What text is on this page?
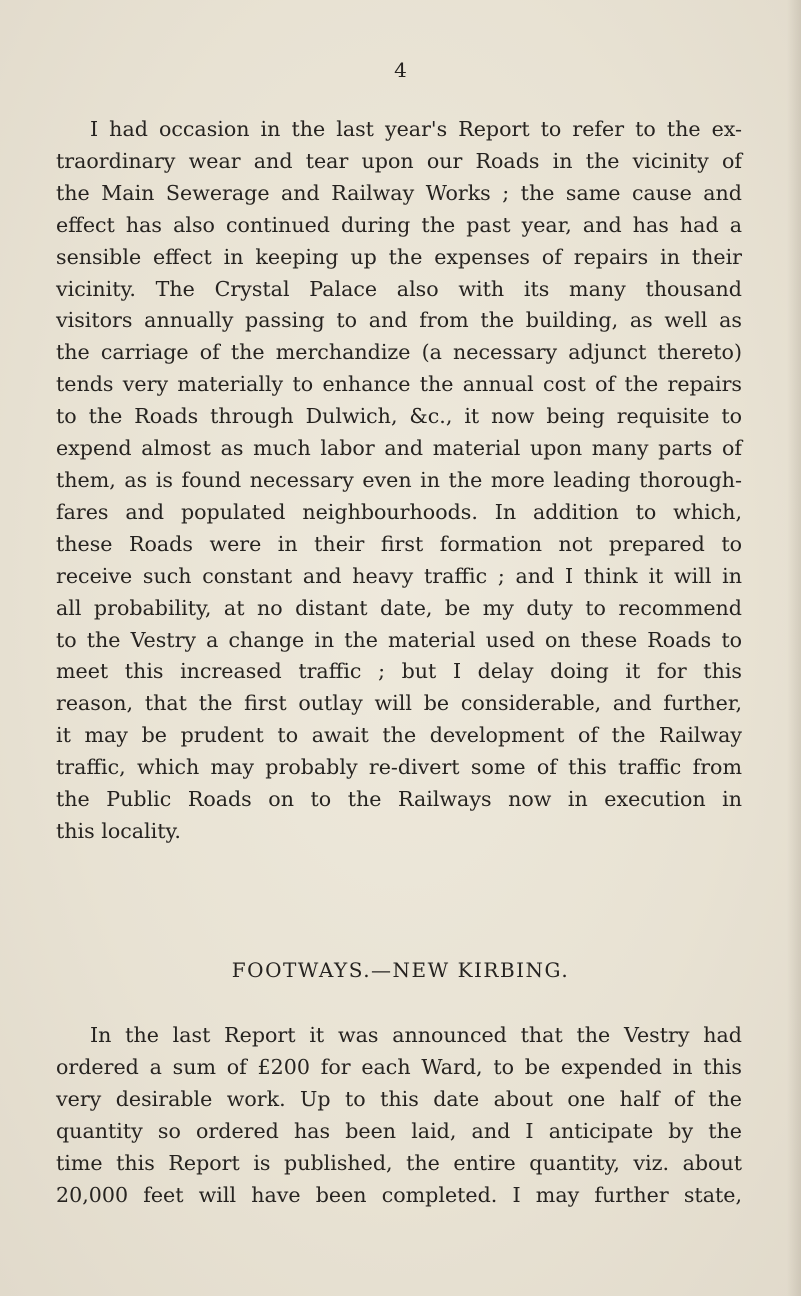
4
I had occasion in the last year's Report to refer to the ex-
traordinary wear and tear upon our Roads in the vicinity of
the Main Sewerage and Railway Works ; the same cause and
effect has also continued during the past year, and has had a
sensible effect in keeping up the expenses of repairs in their
vicinity. The Crystal Palace also with its many thousand
visitors annually passing to and from the building, as well as
the carriage of the merchandize (a necessary adjunct thereto)
tends very materially to enhance the annual cost of the repairs
to the Roads through Dulwich, &c., it now being requisite to
expend almost as much labor and material upon many parts of
them, as is found necessary even in the more leading thorough-
fares and populated neighbourhoods. In addition to which,
these Roads were in their first formation not prepared to
receive such constant and heavy traffic ; and I think it will in
all probability, at no distant date, be my duty to recommend
to the Vestry a change in the material used on these Roads to
meet this increased traffic ; but I delay doing it for this
reason, that the first outlay will be considerable, and further,
it may be prudent to await the development of the Railway
traffic, which may probably re-divert some of this traffic from
the Public Roads on to the Railways now in execution in
this locality.
FOOTWAYS.—NEW KIRBING.
In the last Report it was announced that the Vestry had
ordered a sum of £200 for each Ward, to be expended in this
very desirable work. Up to this date about one half of the
quantity so ordered has been laid, and I anticipate by the
time this Report is published, the entire quantity, viz. about
20,000 feet will have been completed. I may further state,
